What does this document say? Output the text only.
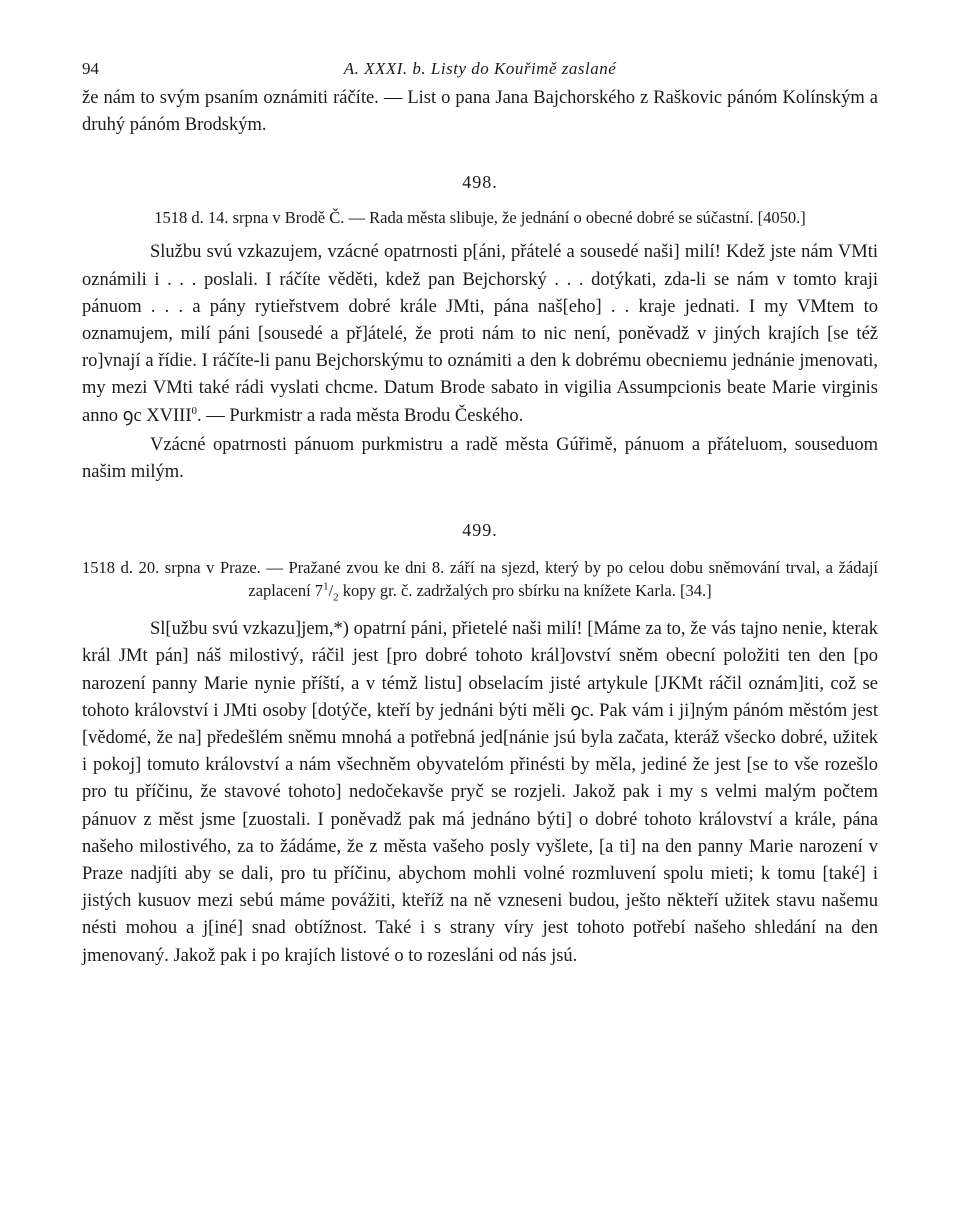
94	A. XXXI. b. Listy do Kouřimě zaslané

že nám to svým psaním oznámiti ráčíte. — List o pana Jana Bajchorského z Raškovic pánóm Kolínským a druhý pánóm Brodským.

498.
1518 d. 14. srpna v Brodě Č. — Rada města slibuje, že jednání o obecné dobré se súčastní. [4050.]

Službu svú vzkazujem, vzácné opatrnosti p[áni, přátelé a sousedé naši] milí! Kdež jste nám VMti oznámili i . . . poslali. I ráčíte věděti, kdež pan Bejchorský . . . dotýkati, zda-li se nám v tomto kraji pánuom . . . a pány rytieřstvem dobré krále JMti, pána naš[eho] . . kraje jednati. I my VMtem to oznamujem, milí páni [sousedé a př]átelé, že proti nám to nic není, poněvadž v jiných krajích [se též ro]vnají a řídie. I ráčíte-li panu Bejchorskýmu to oznámiti a den k dobrému obecniemu jednánie jmenovati, my mezi VMti také rádi vyslati chcme. Datum Brode sabato in vigilia Assumpcionis beate Marie virginis anno ꝯc XVIII$^0$. — Purkmistr a rada města Brodu Českého.

Vzácné opatrnosti pánuom purkmistru a radě města Gúřimě, pánuom a přáteluom, souseduom našim milým.

499.
1518 d. 20. srpna v Praze. — Pražané zvou ke dni 8. září na sjezd, který by po celou dobu sněmování trval, a žádají zaplacení $7^1/_2$ kopy gr. č. zadržalých pro sbírku na knížete Karla. [34.]

Sl[užbu svú vzkazu]jem,*) opatrní páni, přietelé naši milí! [Máme za to, že vás tajno nenie, kterak král JMt pán] náš milostivý, ráčil jest [pro dobré tohoto král]ovství sněm obecní položiti ten den [po narození panny Marie nynie příští, a v témž listu] obselacím jisté artykule [JKMt ráčil oznám]iti, což se tohoto království i JMti osoby [dotýče, kteří by jednáni býti měli ꝯc. Pak vám i ji]ným pánóm městóm jest [vědomé, že na] předešlém sněmu mnohá a potřebná jed[nánie jsú byla začata, kteráž všecko dobré, užitek i pokoj] tomuto království a nám všechněm obyvatelóm přinésti by měla, jediné že jest [se to vše rozešlo pro tu příčinu, že stavové tohoto] nedočekavše pryč se rozjeli. Jakož pak i my s velmi malým počtem pánuov z měst jsme [zuostali. I poněvadž pak má jednáno býti] o dobré tohoto království a krále, pána našeho milostivého, za to žádáme, že z města vašeho posly vyšlete, [a ti] na den panny Marie narození v Praze nadjíti aby se dali, pro tu příčinu, abychom mohli volné rozmluvení spolu mieti; k tomu [také] i jistých kusuov mezi sebú máme povážiti, kteříž na ně vzneseni budou, ješto někteří užitek stavu našemu nésti mohou a j[iné] snad obtížnost. Také i s strany víry jest tohoto potřebí našeho shledání na den jmenovaný. Jakož pak i po krajích listové o to rozesláni od nás jsú.
